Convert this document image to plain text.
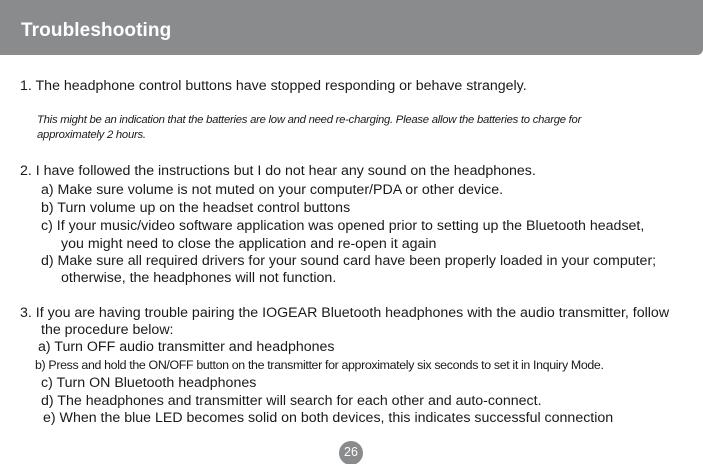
Troubleshooting
1. The headphone control buttons have stopped responding or behave strangely.
This might be an indication that the batteries are low and need re-charging. Please allow the batteries to charge for
approximately 2 hours.
2. I have followed the instructions but I do not hear any sound on the headphones.
a) Make sure volume is not muted on your computer/PDA or other device.
b) Turn volume up on the headset control buttons
c) If your music/video software application was opened prior to setting up the Bluetooth headset,
you might need to close the application and re-open it again
d) Make sure all required drivers for your sound card have been properly loaded in your computer;
otherwise, the headphones will not function.
3. If you are having trouble pairing the IOGEAR Bluetooth headphones with the audio transmitter, follow
the procedure below:
a) Turn OFF audio transmitter and headphones
b) Press and hold the ON/OFF button on the transmitter for approximately six seconds to set it in Inquiry Mode.
c) Turn ON Bluetooth headphones
d) The headphones and transmitter will search for each other and auto-connect.
e) When the blue LED becomes solid on both devices, this indicates successful connection
26
